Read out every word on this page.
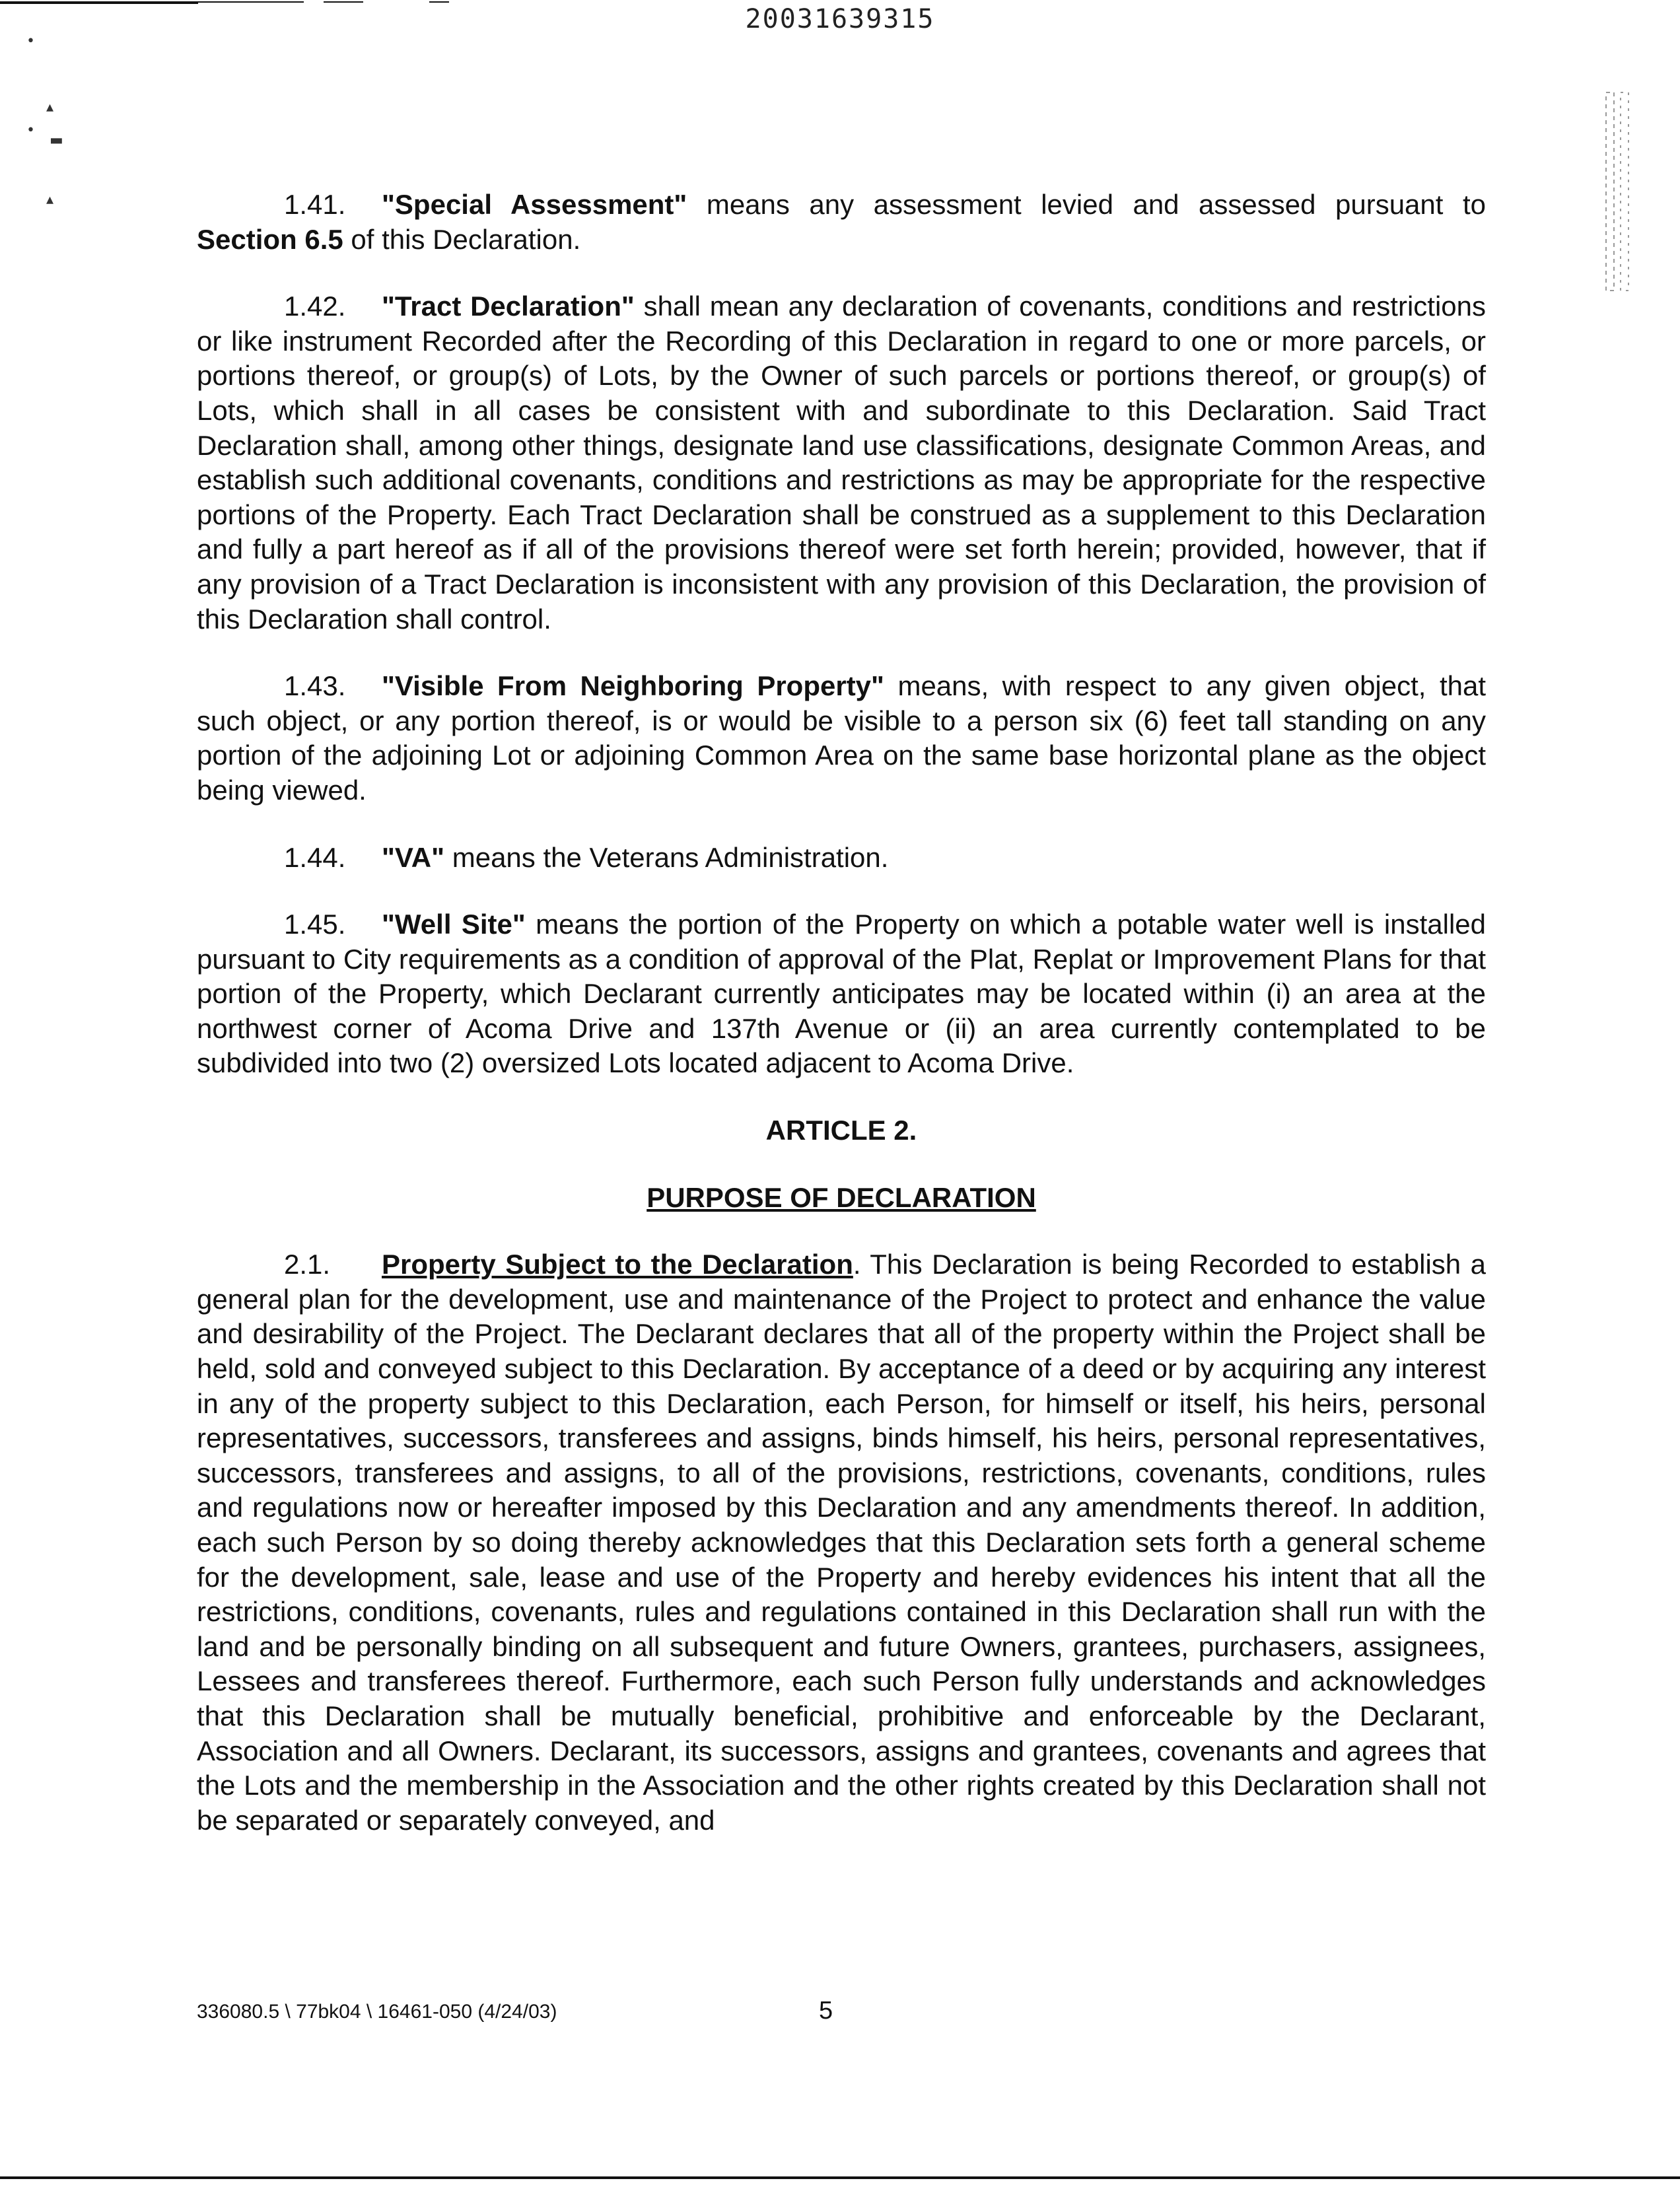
20031639315
•
▴
•
▬
▴	1.41. "Special Assessment" means any assessment levied and assessed pursuant to Section 6.5 of this Declaration.

1.42. "Tract Declaration" shall mean any declaration of covenants, conditions and restrictions or like instrument Recorded after the Recording of this Declaration in regard to one or more parcels, or portions thereof, or group(s) of Lots, by the Owner of such parcels or portions thereof, or group(s) of Lots, which shall in all cases be consistent with and subordinate to this Declaration. Said Tract Declaration shall, among other things, designate land use classifications, designate Common Areas, and establish such additional covenants, conditions and restrictions as may be appropriate for the respective portions of the Property. Each Tract Declaration shall be construed as a supplement to this Declaration and fully a part hereof as if all of the provisions thereof were set forth herein; provided, however, that if any provision of a Tract Declaration is inconsistent with any provision of this Declaration, the provision of this Declaration shall control.

1.43. "Visible From Neighboring Property" means, with respect to any given object, that such object, or any portion thereof, is or would be visible to a person six (6) feet tall standing on any portion of the adjoining Lot or adjoining Common Area on the same base horizontal plane as the object being viewed.

1.44. "VA" means the Veterans Administration.

1.45. "Well Site" means the portion of the Property on which a potable water well is installed pursuant to City requirements as a condition of approval of the Plat, Replat or Improvement Plans for that portion of the Property, which Declarant currently anticipates may be located within (i) an area at the northwest corner of Acoma Drive and 137th Avenue or (ii) an area currently contemplated to be subdivided into two (2) oversized Lots located adjacent to Acoma Drive.

ARTICLE 2.
PURPOSE OF DECLARATION

2.1. Property Subject to the Declaration. This Declaration is being Recorded to establish a general plan for the development, use and maintenance of the Project to protect and enhance the value and desirability of the Project. The Declarant declares that all of the property within the Project shall be held, sold and conveyed subject to this Declaration. By acceptance of a deed or by acquiring any interest in any of the property subject to this Declaration, each Person, for himself or itself, his heirs, personal representatives, successors, transferees and assigns, binds himself, his heirs, personal representatives, successors, transferees and assigns, to all of the provisions, restrictions, covenants, conditions, rules and regulations now or hereafter imposed by this Declaration and any amendments thereof. In addition, each such Person by so doing thereby acknowledges that this Declaration sets forth a general scheme for the development, sale, lease and use of the Property and hereby evidences his intent that all the restrictions, conditions, covenants, rules and regulations contained in this Declaration shall run with the land and be personally binding on all subsequent and future Owners, grantees, purchasers, assignees, Lessees and transferees thereof. Furthermore, each such Person fully understands and acknowledges that this Declaration shall be mutually beneficial, prohibitive and enforceable by the Declarant, Association and all Owners. Declarant, its successors, assigns and grantees, covenants and agrees that the Lots and the membership in the Association and the other rights created by this Declaration shall not be separated or separately conveyed, and

336080.5 \ 77bk04 \ 16461-050 (4/24/03)	5
